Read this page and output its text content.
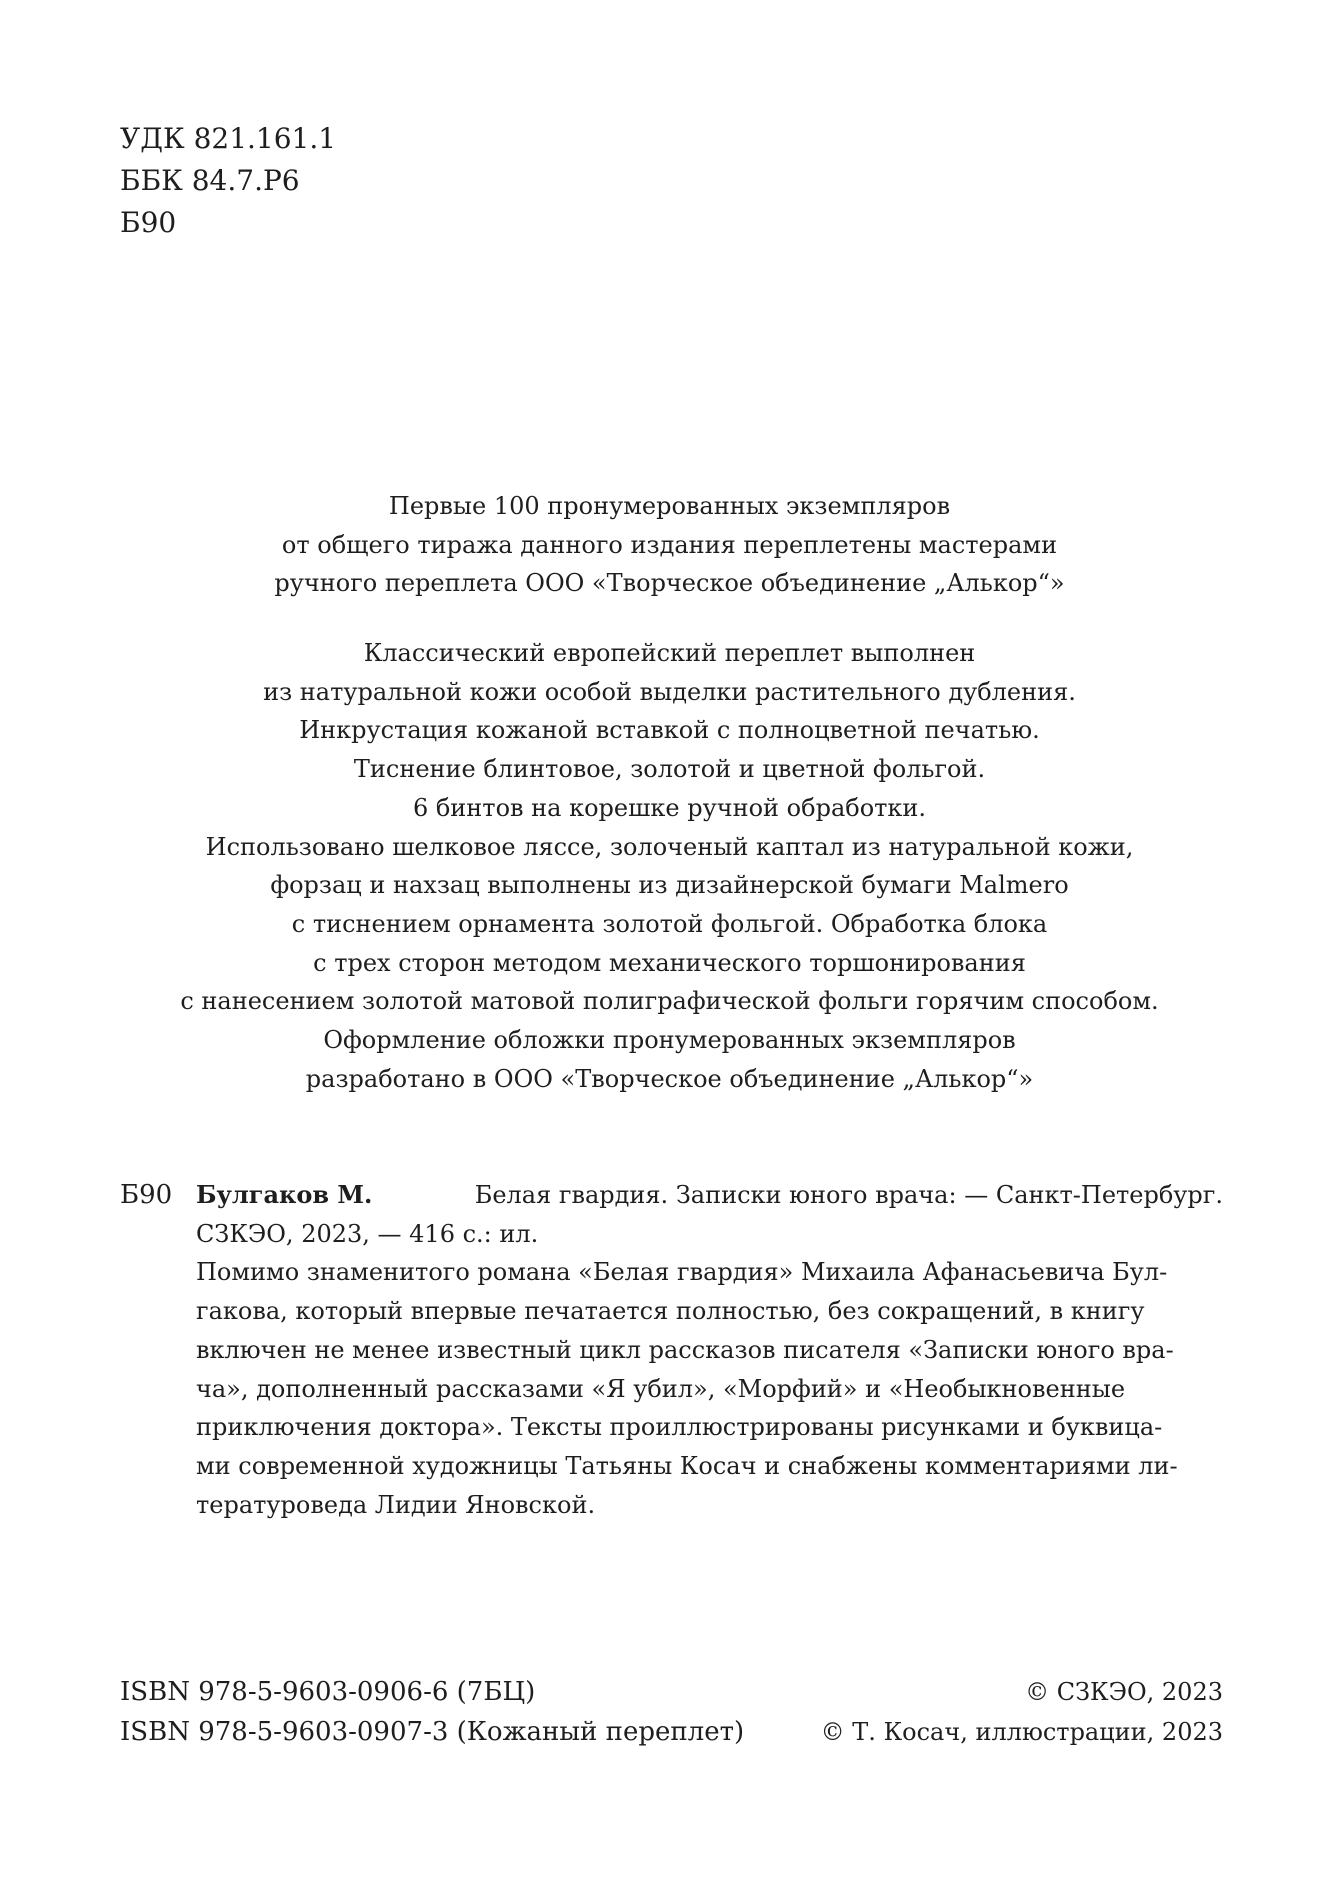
УДК 821.161.1
ББК 84.7.Р6
Б90
Первые 100 пронумерованных экземпляров
от общего тиража данного издания переплетены мастерами
ручного переплета ООО «Творческое объединение „Алькор“»
Классический европейский переплет выполнен
из натуральной кожи особой выделки растительного дубления.
Инкрустация кожаной вставкой с полноцветной печатью.
Тиснение блинтовое, золотой и цветной фольгой.
6 бинтов на корешке ручной обработки.
Использовано шелковое ляссе, золоченый каптал из натуральной кожи,
форзац и нахзац выполнены из дизайнерской бумаги Malmero
с тиснением орнамента золотой фольгой. Обработка блока
с трех сторон методом механического торшонирования
с нанесением золотой матовой полиграфической фольги горячим способом.
Оформление обложки пронумерованных экземпляров
разработано в ООО «Творческое объединение „Алькор“»
Б90 Булгаков М.	Белая гвардия. Записки юного врача: — Санкт-Петербург.
СЗКЭО, 2023, — 416 с.: ил.
Помимо знаменитого романа «Белая гвардия» Михаила Афанасьевича Бул-
гакова, который впервые печатается полностью, без сокращений, в книгу
включен не менее известный цикл рассказов писателя «Записки юного вра-
ча», дополненный рассказами «Я убил», «Морфий» и «Необыкновенные
приключения доктора». Тексты проиллюстрированы рисунками и буквица-
ми современной художницы Татьяны Косач и снабжены комментариями ли-
тературоведа Лидии Яновской.
ISBN 978-5-9603-0906-6 (7БЦ)
ISBN 978-5-9603-0907-3 (Кожаный переплет)
© СЗКЭО, 2023
© Т. Косач, иллюстрации, 2023
